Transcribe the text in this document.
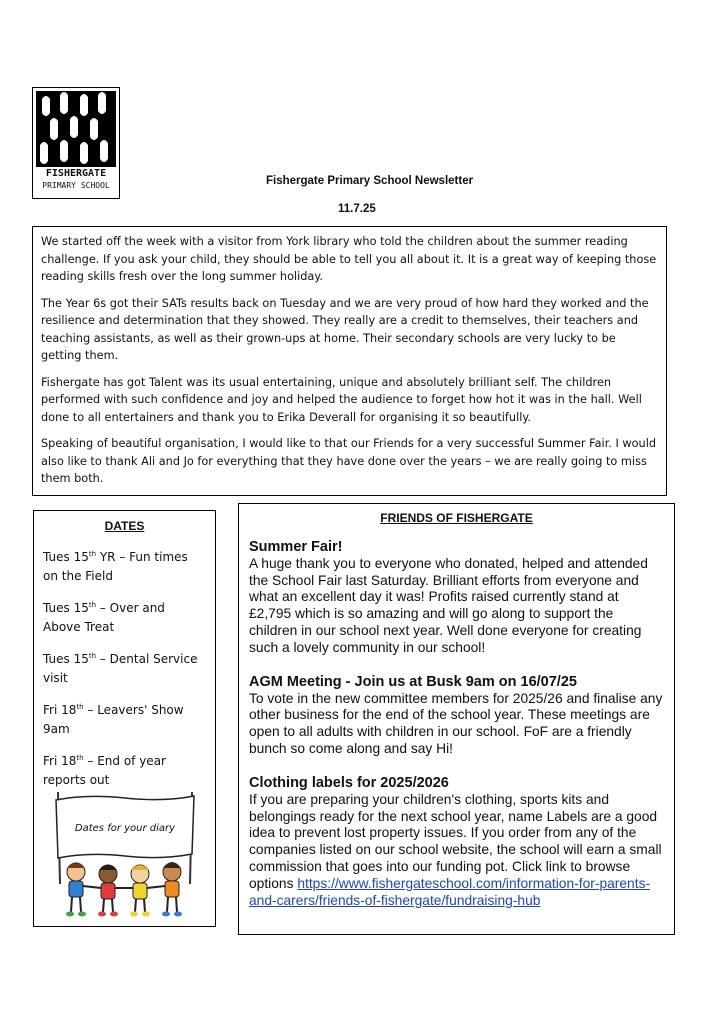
FISHERGATE
PRIMARY SCHOOL	Fishergate Primary School Newsletter
11.7.25

We started off the week with a visitor from York library who told the children about the summer reading challenge. If you ask your child, they should be able to tell you all about it. It is a great way of keeping those reading skills fresh over the long summer holiday.

The Year 6s got their SATs results back on Tuesday and we are very proud of how hard they worked and the resilience and determination that they showed. They really are a credit to themselves, their teachers and teaching assistants, as well as their grown-ups at home. Their secondary schools are very lucky to be getting them.

Fishergate has got Talent was its usual entertaining, unique and absolutely brilliant self. The children performed with such confidence and joy and helped the audience to forget how hot it was in the hall. Well done to all entertainers and thank you to Erika Deverall for organising it so beautifully.

Speaking of beautiful organisation, I would like to that our Friends for a very successful Summer Fair. I would also like to thank Ali and Jo for everything that they have done over the years – we are really going to miss them both.

DATES
Tues 15th YR – Fun times on the Field
Tues 15th – Over and Above Treat
Tues 15th – Dental Service visit
Fri 18th – Leavers' Show 9am
Fri 18th – End of year reports out
Dates for your diary
FRIENDS OF FISHERGATE
Summer Fair!

A huge thank you to everyone who donated, helped and attended the School Fair last Saturday. Brilliant efforts from everyone and what an excellent day it was! Profits raised currently stand at £2,795 which is so amazing and will go along to support the children in our school next year. Well done everyone for creating such a lovely community in our school!

AGM Meeting - Join us at Busk 9am on 16/07/25

To vote in the new committee members for 2025/26 and finalise any other business for the end of the school year. These meetings are open to all adults with children in our school. FoF are a friendly bunch so come along and say Hi!

Clothing labels for 2025/2026

If you are preparing your children's clothing, sports kits and belongings ready for the next school year, name Labels are a good idea to prevent lost property issues. If you order from any of the companies listed on our school website, the school will earn a small commission that goes into our funding pot. Click link to browse options https://www.fishergateschool.com/information-for-parents-and-carers/friends-of-fishergate/fundraising-hub
